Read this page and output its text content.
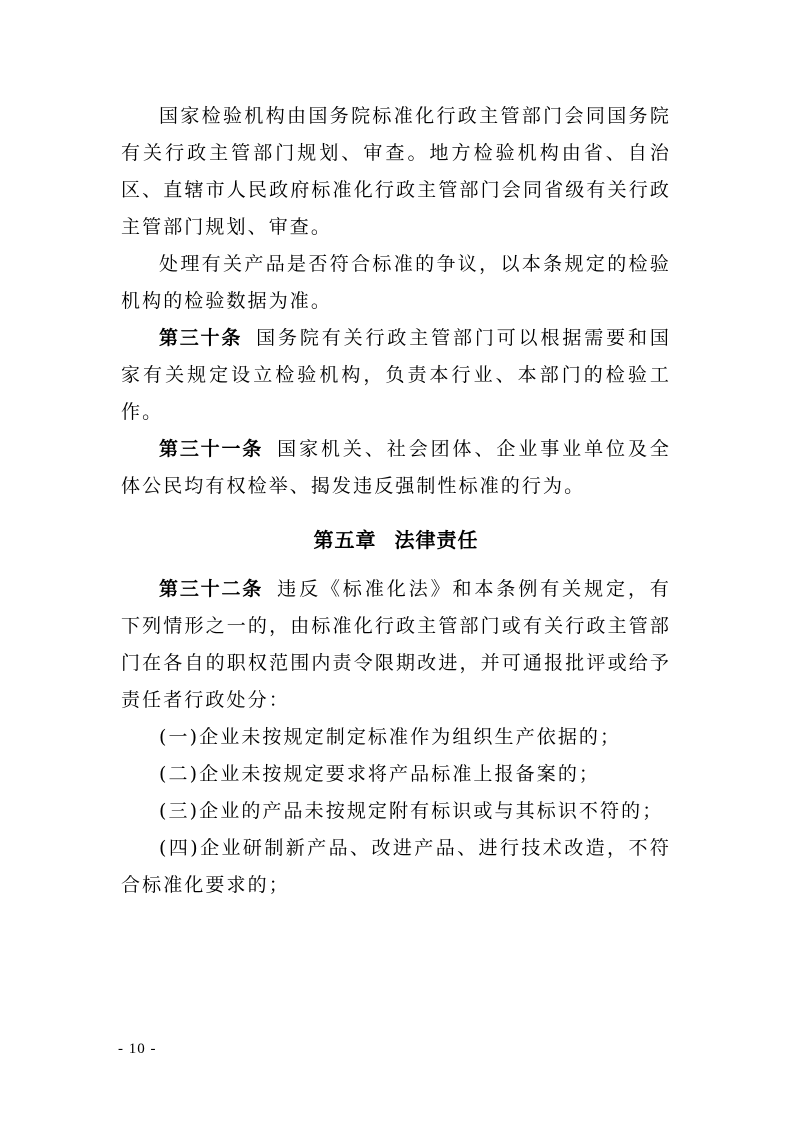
国家检验机构由国务院标准化行政主管部门会同国务院有关行政主管部门规划、审查。地方检验机构由省、自治区、直辖市人民政府标准化行政主管部门会同省级有关行政主管部门规划、审查。

处理有关产品是否符合标准的争议，以本条规定的检验机构的检验数据为准。

第三十条 国务院有关行政主管部门可以根据需要和国家有关规定设立检验机构，负责本行业、本部门的检验工作。

第三十一条 国家机关、社会团体、企业事业单位及全体公民均有权检举、揭发违反强制性标准的行为。

第五章 法律责任

第三十二条 违反《标准化法》和本条例有关规定，有下列情形之一的，由标准化行政主管部门或有关行政主管部门在各自的职权范围内责令限期改进，并可通报批评或给予责任者行政处分：

(一)企业未按规定制定标准作为组织生产依据的；

(二)企业未按规定要求将产品标准上报备案的；

(三)企业的产品未按规定附有标识或与其标识不符的；

(四)企业研制新产品、改进产品、进行技术改造，不符合标准化要求的；

- 10 -
